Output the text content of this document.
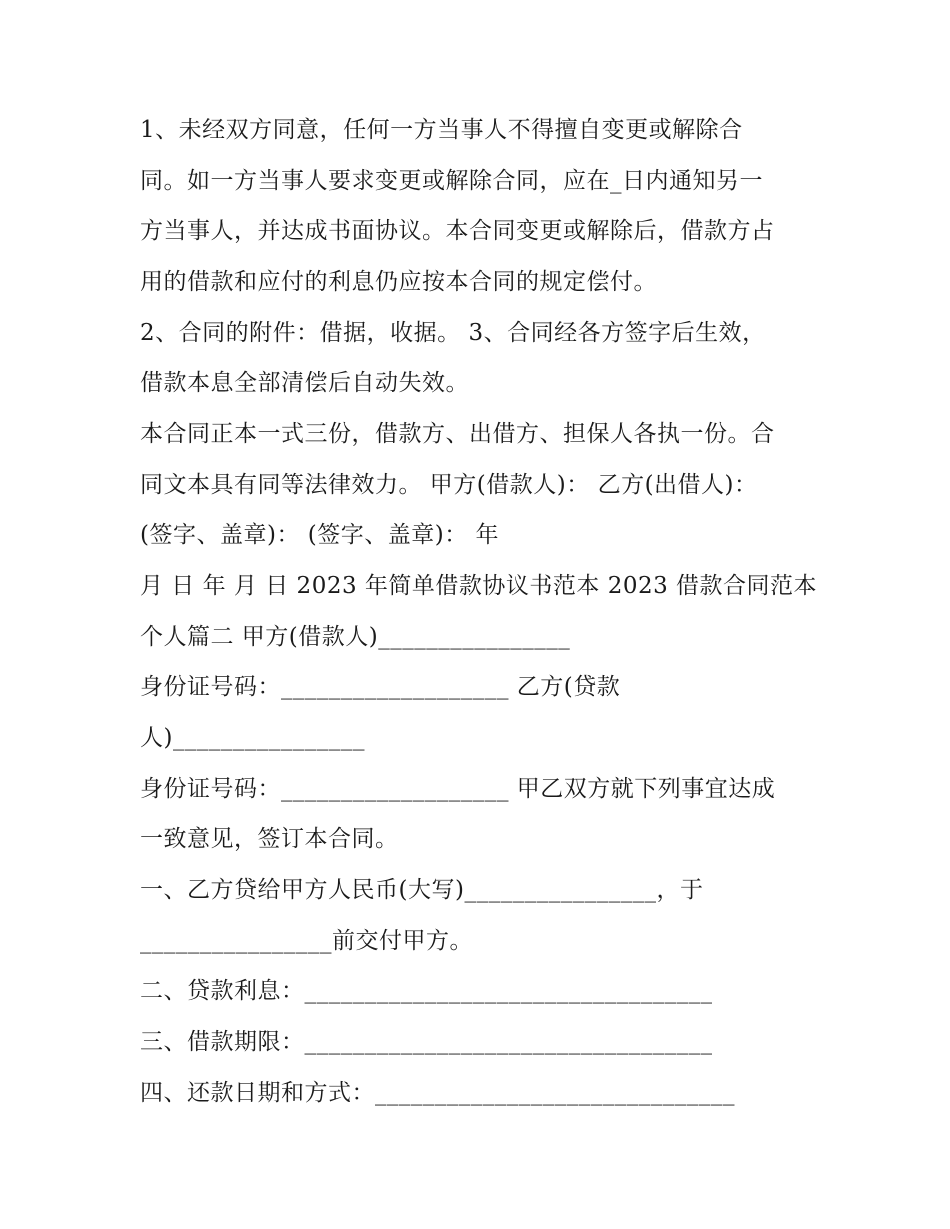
1、未经双方同意，任何一方当事人不得擅自变更或解除合
同。如一方当事人要求变更或解除合同，应在_日内通知另一
方当事人，并达成书面协议。本合同变更或解除后，借款方占
用的借款和应付的利息仍应按本合同的规定偿付。
2、合同的附件：借据，收据。 3、合同经各方签字后生效，
借款本息全部清偿后自动失效。
本合同正本一式三份，借款方、出借方、担保人各执一份。合
同文本具有同等法律效力。 甲方(借款人)： 乙方(出借人)：
(签字、盖章)： (签字、盖章)： 年
月 日 年 月 日 2023 年简单借款协议书范本 2023 借款合同范本
个人篇二 甲方(借款人)________________
身份证号码：___________________ 乙方(贷款
人)________________
身份证号码：___________________ 甲乙双方就下列事宜达成
一致意见，签订本合同。
一、乙方贷给甲方人民币(大写)________________，于
________________前交付甲方。
二、贷款利息：__________________________________
三、借款期限：__________________________________
四、还款日期和方式：______________________________
